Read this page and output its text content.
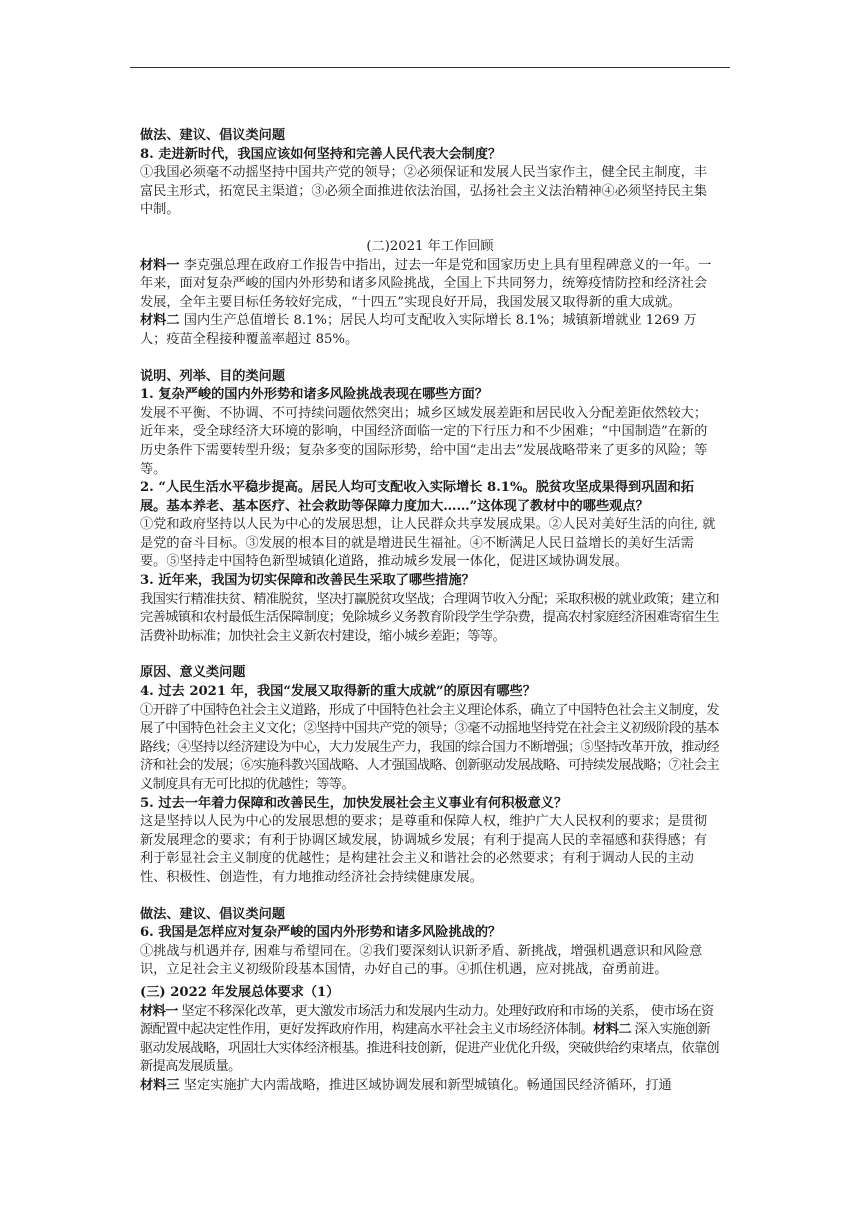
做法、建议、倡议类问题

8. 走进新时代，我国应该如何坚持和完善人民代表大会制度？

①我国必须毫不动摇坚持中国共产党的领导；②必须保证和发展人民当家作主，健全民主制度，丰富民主形式，拓宽民主渠道；③必须全面推进依法治国，弘扬社会主义法治精神④必须坚持民主集中制。

(二)2021 年工作回顾

材料一 李克强总理在政府工作报告中指出，过去一年是党和国家历史上具有里程碑意义的一年。一年来，面对复杂严峻的国内外形势和诸多风险挑战，全国上下共同努力，统筹疫情防控和经济社会发展，全年主要目标任务较好完成，“十四五”实现良好开局，我国发展又取得新的重大成就。

材料二 国内生产总值增长 8.1%；居民人均可支配收入实际增长 8.1%；城镇新增就业 1269 万人；疫苗全程接种覆盖率超过 85%。

说明、列举、目的类问题

1. 复杂严峻的国内外形势和诸多风险挑战表现在哪些方面？

发展不平衡、不协调、不可持续问题依然突出；城乡区域发展差距和居民收入分配差距依然较大；近年来，受全球经济大环境的影响，中国经济面临一定的下行压力和不少困难；“中国制造”在新的历史条件下需要转型升级；复杂多变的国际形势，给中国“走出去”发展战略带来了更多的风险；等等。

2. “人民生活水平稳步提高。居民人均可支配收入实际增长 8.1%。脱贫攻坚成果得到巩固和拓展。基本养老、基本医疗、社会救助等保障力度加大……”这体现了教材中的哪些观点？

①党和政府坚持以人民为中心的发展思想，让人民群众共享发展成果。②人民对美好生活的向往, 就是党的奋斗目标。③发展的根本目的就是增进民生福祉。④不断满足人民日益增长的美好生活需要。⑤坚持走中国特色新型城镇化道路，推动城乡发展一体化，促进区域协调发展。

3. 近年来，我国为切实保障和改善民生采取了哪些措施？

我国实行精准扶贫、精准脱贫，坚决打赢脱贫攻坚战；合理调节收入分配；采取积极的就业政策；建立和完善城镇和农村最低生活保障制度；免除城乡义务教育阶段学生学杂费，提高农村家庭经济困难寄宿生生活费补助标准；加快社会主义新农村建设，缩小城乡差距；等等。

原因、意义类问题

4. 过去 2021 年，我国“发展又取得新的重大成就”的原因有哪些？

①开辟了中国特色社会主义道路，形成了中国特色社会主义理论体系，确立了中国特色社会主义制度，发展了中国特色社会主义文化；②坚持中国共产党的领导；③毫不动摇地坚持党在社会主义初级阶段的基本路线；④坚持以经济建设为中心，大力发展生产力，我国的综合国力不断增强；⑤坚持改革开放，推动经济和社会的发展；⑥实施科教兴国战略、人才强国战略、创新驱动发展战略、可持续发展战略；⑦社会主义制度具有无可比拟的优越性；等等。

5. 过去一年着力保障和改善民生，加快发展社会主义事业有何积极意义？

这是坚持以人民为中心的发展思想的要求；是尊重和保障人权，维护广大人民权利的要求；是贯彻新发展理念的要求；有利于协调区域发展，协调城乡发展；有利于提高人民的幸福感和获得感；有利于彰显社会主义制度的优越性；是构建社会主义和谐社会的必然要求；有利于调动人民的主动性、积极性、创造性，有力地推动经济社会持续健康发展。

做法、建议、倡议类问题

6. 我国是怎样应对复杂严峻的国内外形势和诸多风险挑战的？

①挑战与机遇并存, 困难与希望同在。②我们要深刻认识新矛盾、新挑战，增强机遇意识和风险意识，立足社会主义初级阶段基本国情，办好自己的事。④抓住机遇，应对挑战，奋勇前进。

(三) 2022 年发展总体要求（1）

材料一 坚定不移深化改革，更大激发市场活力和发展内生动力。处理好政府和市场的关系， 使市场在资源配置中起决定性作用，更好发挥政府作用，构建高水平社会主义市场经济体制。材料二 深入实施创新驱动发展战略，巩固壮大实体经济根基。推进科技创新，促进产业优化升级，突破供给约束堵点，依靠创新提高发展质量。

材料三 坚定实施扩大内需战略，推进区域协调发展和新型城镇化。畅通国民经济循环，打通
